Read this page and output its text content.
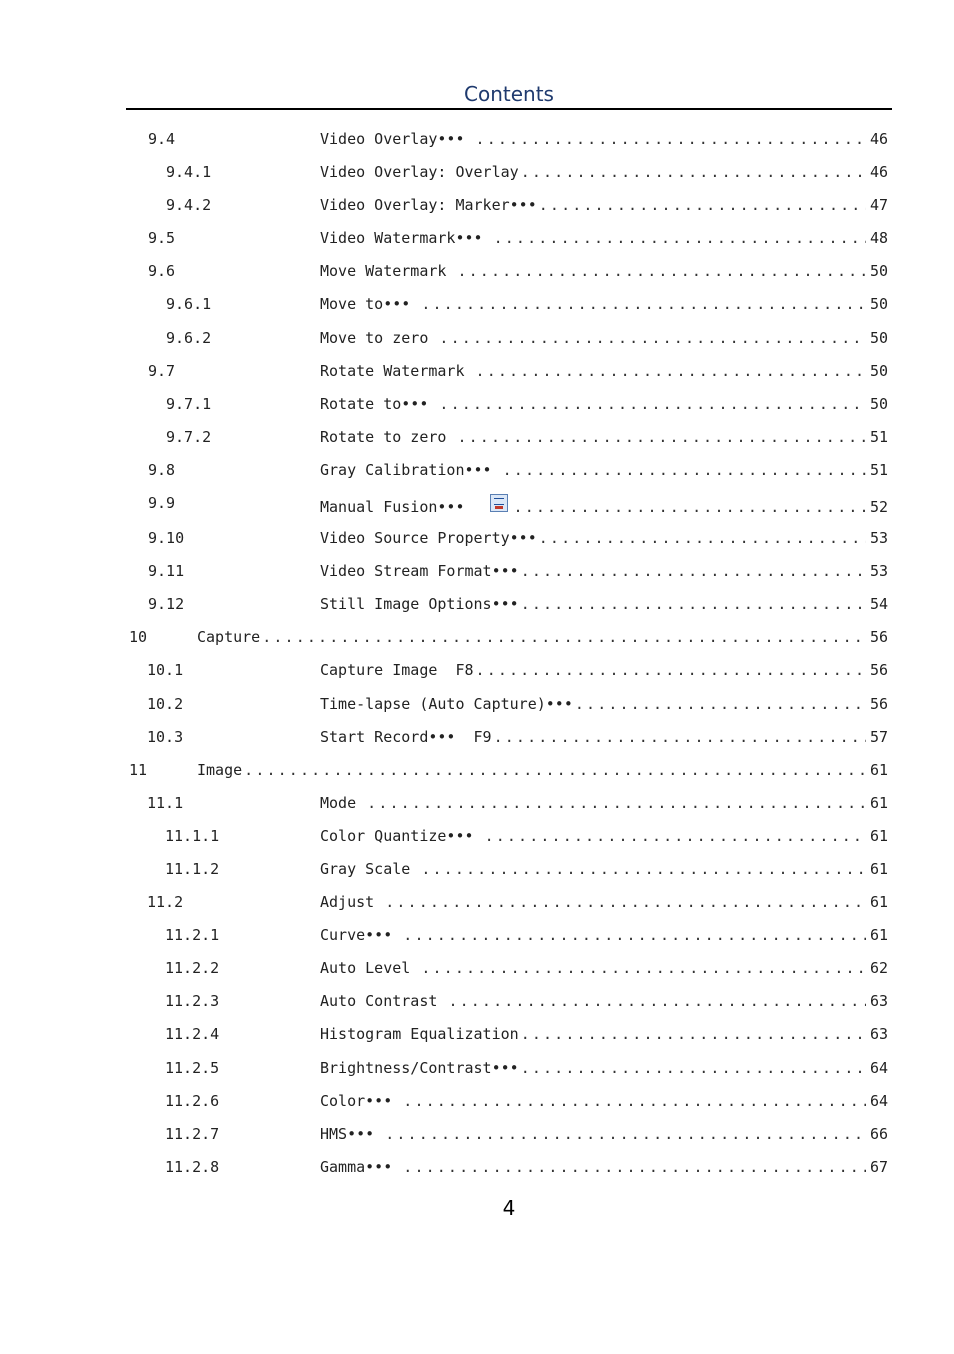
Contents
9.4	Video Overlay••• . . .	46
9.4.1	Video Overlay: Overlay . . .	46
9.4.2	Video Overlay: Marker••• . . .	47
9.5	Video Watermark••• . . .	48
9.6	Move Watermark . . .	50
9.6.1	Move to••• . . .	50
9.6.2	Move to zero . . .	50
9.7	Rotate Watermark . . .	50
9.7.1	Rotate to••• . . .	50
9.7.2	Rotate to zero . . .	51
9.8	Gray Calibration••• . . .	51
9.9	Manual Fusion••• . . .	52
9.10	Video Source Property••• . . .	53
9.11	Video Stream Format••• . . .	53
9.12	Still Image Options••• . . .	54
10	Capture . . .	56
10.1	Capture Image  F8 . . .	56
10.2	Time-lapse (Auto Capture)••• . . .	56
10.3	Start Record•••  F9 . . .	57
11	Image . . .	61
11.1	Mode . . .	61
11.1.1	Color Quantize••• . . .	61
11.1.2	Gray Scale . . .	61
11.2	Adjust . . .	61
11.2.1	Curve••• . . .	61
11.2.2	Auto Level . . .	62
11.2.3	Auto Contrast . . .	63
11.2.4	Histogram Equalization . . .	63
11.2.5	Brightness/Contrast••• . . .	64
11.2.6	Color••• . . .	64
11.2.7	HMS••• . . .	66
11.2.8	Gamma••• . . .	67
4
